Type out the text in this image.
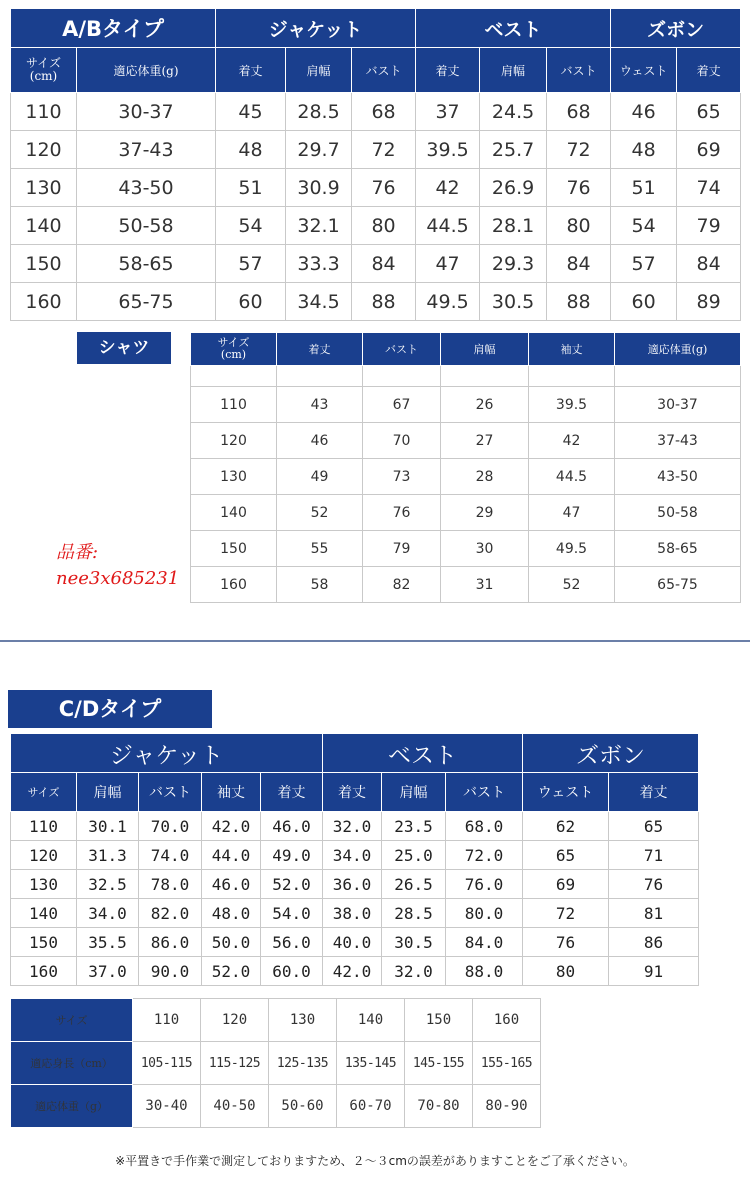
A/Bタイプ		ジャケット			ベスト			ズボン	
サイズ
(cm)	適応体重(g)	着丈	肩幅	バスト	着丈	肩幅	バスト	ウェスト	着丈
110	30-37	45	28.5	68	37	24.5	68	46	65
120	37-43	48	29.7	72	39.5	25.7	72	48	69
130	43-50	51	30.9	76	42	26.9	76	51	74
140	50-58	54	32.1	80	44.5	28.1	80	54	79
150	58-65	57	33.3	84	47	29.3	84	57	84
160	65-75	60	34.5	88	49.5	30.5	88	60	89
シャツ	サイズ
(cm)	着丈	バスト	肩幅	袖丈	適応体重(g)

110	43	67	26	39.5	30-37
120	46	70	27	42	37-43
130	49	73	28	44.5	43-50
140	52	76	29	47	50-58
150	55	79	30	49.5	58-65
160	58	82	31	52	65-75
品番:
nee3x685231
C/Dタイプ
ジャケット					ベスト			ズボン	
サイズ	肩幅	バスト	袖丈	着丈	着丈	肩幅	バスト	ウェスト	着丈
110	30.1	70.0	42.0	46.0	32.0	23.5	68.0	62	65
120	31.3	74.0	44.0	49.0	34.0	25.0	72.0	65	71
130	32.5	78.0	46.0	52.0	36.0	26.5	76.0	69	76
140	34.0	82.0	48.0	54.0	38.0	28.5	80.0	72	81
150	35.5	86.0	50.0	56.0	40.0	30.5	84.0	76	86
160	37.0	90.0	52.0	60.0	42.0	32.0	88.0	80	91
サイズ	110	120	130	140	150	160
適応身長（cm）	105-115	115-125	125-135	135-145	145-155	155-165
適応体重（g）	30-40	40-50	50-60	60-70	70-80	80-90
※平置きで手作業で測定しておりますため、２～３cmの誤差がありますことをご了承ください。
